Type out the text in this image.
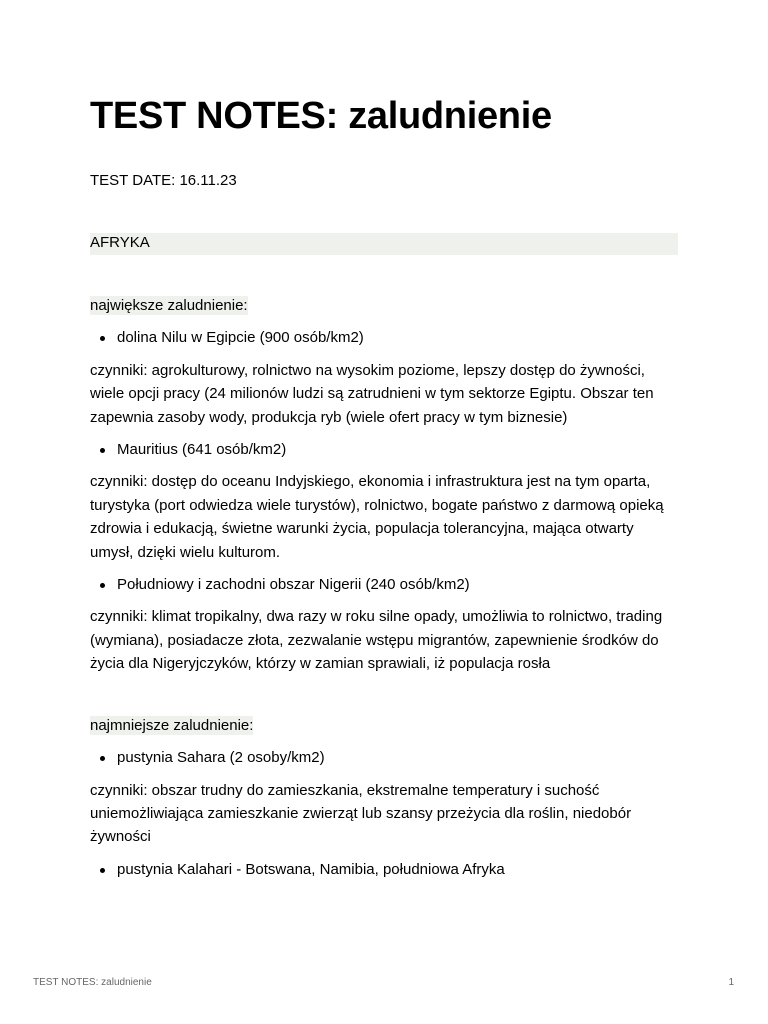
TEST NOTES: zaludnienie
TEST DATE: 16.11.23
AFRYKA

największe zaludnienie:

dolina Nilu w Egipcie (900 osób/km2)

czynniki: agrokulturowy, rolnictwo na wysokim poziome, lepszy dostęp do żywności, wiele opcji pracy (24 milionów ludzi są zatrudnieni w tym sektorze Egiptu. Obszar ten zapewnia zasoby wody, produkcja ryb (wiele ofert pracy w tym biznesie)

Mauritius (641 osób/km2)

czynniki: dostęp do oceanu Indyjskiego, ekonomia i infrastruktura jest na tym oparta, turystyka (port odwiedza wiele turystów), rolnictwo, bogate państwo z darmową opieką zdrowia i edukacją, świetne warunki życia, populacja tolerancyjna, mająca otwarty umysł, dzięki wielu kulturom.

Południowy i zachodni obszar Nigerii (240 osób/km2)

czynniki: klimat tropikalny, dwa razy w roku silne opady, umożliwia to rolnictwo, trading (wymiana), posiadacze złota, zezwalanie wstępu migrantów, zapewnienie środków do życia dla Nigeryjczyków, którzy w zamian sprawiali, iż populacja rosła

najmniejsze zaludnienie:

pustynia Sahara (2 osoby/km2)

czynniki: obszar trudny do zamieszkania, ekstremalne temperatury i suchość uniemożliwiająca zamieszkanie zwierząt lub szansy przeżycia dla roślin, niedobór żywności

pustynia Kalahari - Botswana, Namibia, południowa Afryka
TEST NOTES: zaludnienie	1
